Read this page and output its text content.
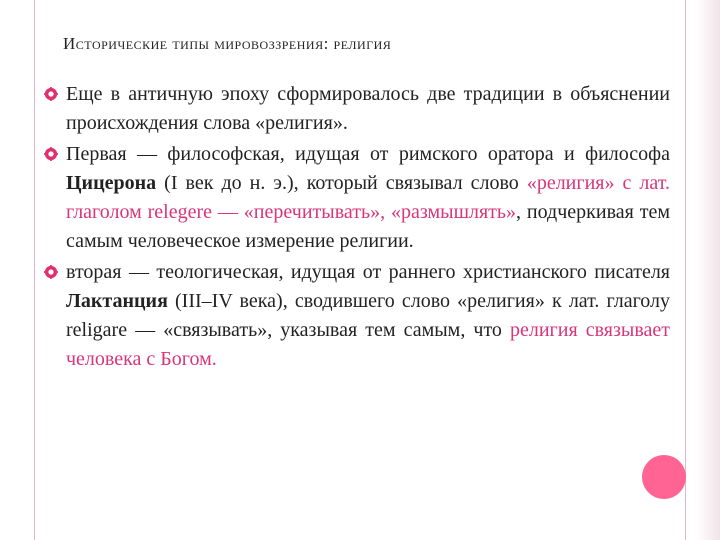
Исторические типы мировоззрения: религия
Еще в античную эпоху сформировалось две традиции в объяснении происхождения слова «религия».
Первая — философская, идущая от римского оратора и философа Цицерона (I век до н. э.), который связывал слово «религия» с лат. глаголом relegere — «перечитывать», «размышлять», подчеркивая тем самым человеческое измерение религии.
вторая — теологическая, идущая от раннего христианского писателя Лактанция (III–IV века), сводившего слово «религия» к лат. глаголу religare — «связывать», указывая тем самым, что религия связывает человека с Богом.
